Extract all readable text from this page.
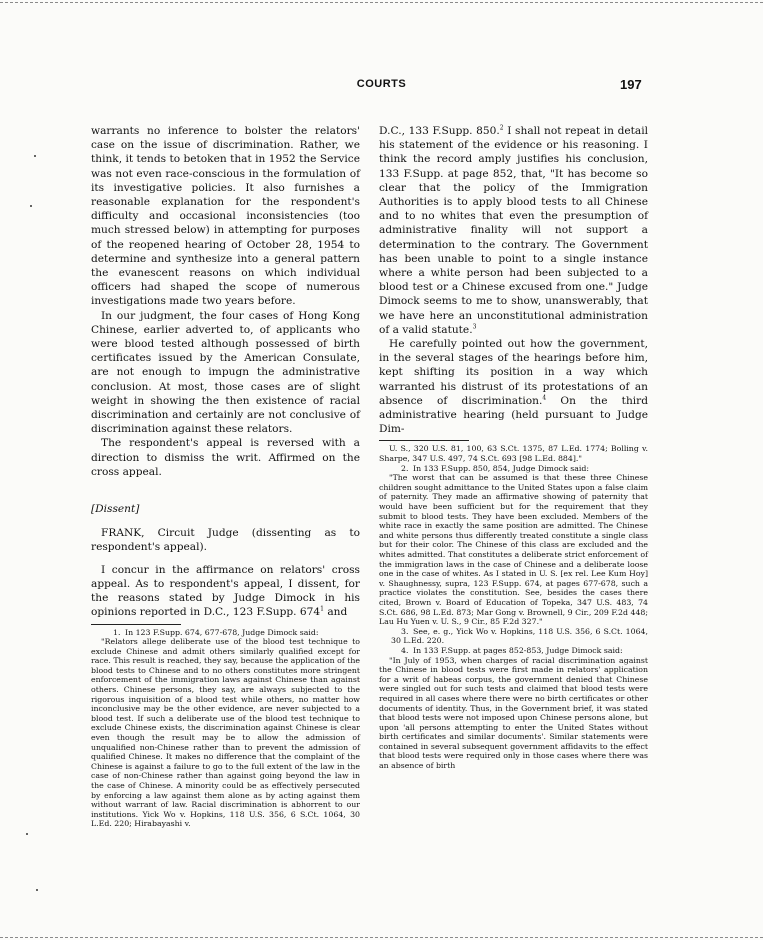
COURTS	197

warrants no inference to bolster the relators' case on the issue of discrimination. Rather, we think, it tends to betoken that in 1952 the Service was not even race-conscious in the formulation of its investigative policies. It also furnishes a reasonable explanation for the respondent's difficulty and occasional inconsistencies (too much stressed below) in attempting for purposes of the reopened hearing of October 28, 1954 to determine and synthesize into a general pattern the evanescent reasons on which individual officers had shaped the scope of numerous investigations made two years before.

In our judgment, the four cases of Hong Kong Chinese, earlier adverted to, of applicants who were blood tested although possessed of birth certificates issued by the American Consulate, are not enough to impugn the administrative conclusion. At most, those cases are of slight weight in showing the then existence of racial discrimination and certainly are not conclusive of discrimination against these relators.

The respondent's appeal is reversed with a direction to dismiss the writ. Affirmed on the cross appeal.

[Dissent]

FRANK, Circuit Judge (dissenting as to respondent's appeal).

I concur in the affirmance on relators' cross appeal. As to respondent's appeal, I dissent, for the reasons stated by Judge Dimock in his opinions reported in D.C., 123 F.Supp. $674^1$ and

1. In 123 F.Supp. 674, 677-678, Judge Dimock said:

"Relators allege deliberate use of the blood test technique to exclude Chinese and admit others similarly qualified except for race. This result is reached, they say, because the application of the blood tests to Chinese and to no others constitutes more stringent enforcement of the immigration laws against Chinese than against others. Chinese persons, they say, are always subjected to the rigorous inquisition of a blood test while others, no matter how inconclusive may be the other evidence, are never subjected to a blood test. If such a deliberate use of the blood test technique to exclude Chinese exists, the discrimination against Chinese is clear even though the result may be to allow the admission of unqualified non-Chinese rather than to prevent the admission of qualified Chinese. It makes no difference that the complaint of the Chinese is against a failure to go to the full extent of the law in the case of non-Chinese rather than against going beyond the law in the case of Chinese. A minority could be as effectively persecuted by enforcing a law against them alone as by acting against them without warrant of law. Racial discrimination is abhorrent to our institutions. Yick Wo v. Hopkins, 118 U.S. 356, 6 S.Ct. 1064, 30 L.Ed. 220; Hirabayashi v.

D.C., 133 F.Supp. 850.$^2$ I shall not repeat in detail his statement of the evidence or his reasoning. I think the record amply justifies his conclusion, 133 F.Supp. at page 852, that, "It has become so clear that the policy of the Immigration Authorities is to apply blood tests to all Chinese and to no whites that even the presumption of administrative finality will not support a determination to the contrary. The Government has been unable to point to a single instance where a white person had been subjected to a blood test or a Chinese excused from one." Judge Dimock seems to me to show, unanswerably, that we have here an unconstitutional administration of a valid statute.$^3$

He carefully pointed out how the government, in the several stages of the hearings before him, kept shifting its position in a way which warranted his distrust of its protestations of an absence of discrimination.$^4$ On the third administrative hearing (held pursuant to Judge Dim-

U. S., 320 U.S. 81, 100, 63 S.Ct. 1375, 87 L.Ed. 1774; Bolling v. Sharpe, 347 U.S. 497, 74 S.Ct. 693 [98 L.Ed. 884]."

2. In 133 F.Supp. 850, 854, Judge Dimock said:

"The worst that can be assumed is that these three Chinese children sought admittance to the United States upon a false claim of paternity. They made an affirmative showing of paternity that would have been sufficient but for the requirement that they submit to blood tests. They have been excluded. Members of the white race in exactly the same position are admitted. The Chinese and white persons thus differently treated constitute a single class but for their color. The Chinese of this class are excluded and the whites admitted. That constitutes a deliberate strict enforcement of the immigration laws in the case of Chinese and a deliberate loose one in the case of whites. As I stated in U. S. [ex rel. Lee Kum Hoy] v. Shaughnessy, supra, 123 F.Supp. 674, at pages 677-678, such a practice violates the constitution. See, besides the cases there cited, Brown v. Board of Education of Topeka, 347 U.S. 483, 74 S.Ct. 686, 98 L.Ed. 873; Mar Gong v. Brownell, 9 Cir., 209 F.2d 448; Lau Hu Yuen v. U. S., 9 Cir., 85 F.2d 327."

3. See, e. g., Yick Wo v. Hopkins, 118 U.S. 356, 6 S.Ct. 1064, 30 L.Ed. 220.

4. In 133 F.Supp. at pages 852-853, Judge Dimock said:

"In July of 1953, when charges of racial discrimination against the Chinese in blood tests were first made in relators' application for a writ of habeas corpus, the government denied that Chinese were singled out for such tests and claimed that blood tests were required in all cases where there were no birth certificates or other documents of identity. Thus, in the Government brief, it was stated that blood tests were not imposed upon Chinese persons alone, but upon 'all persons attempting to enter the United States without birth certificates and similar documents'. Similar statements were contained in several subsequent government affidavits to the effect that blood tests were required only in those cases where there was an absence of birth
